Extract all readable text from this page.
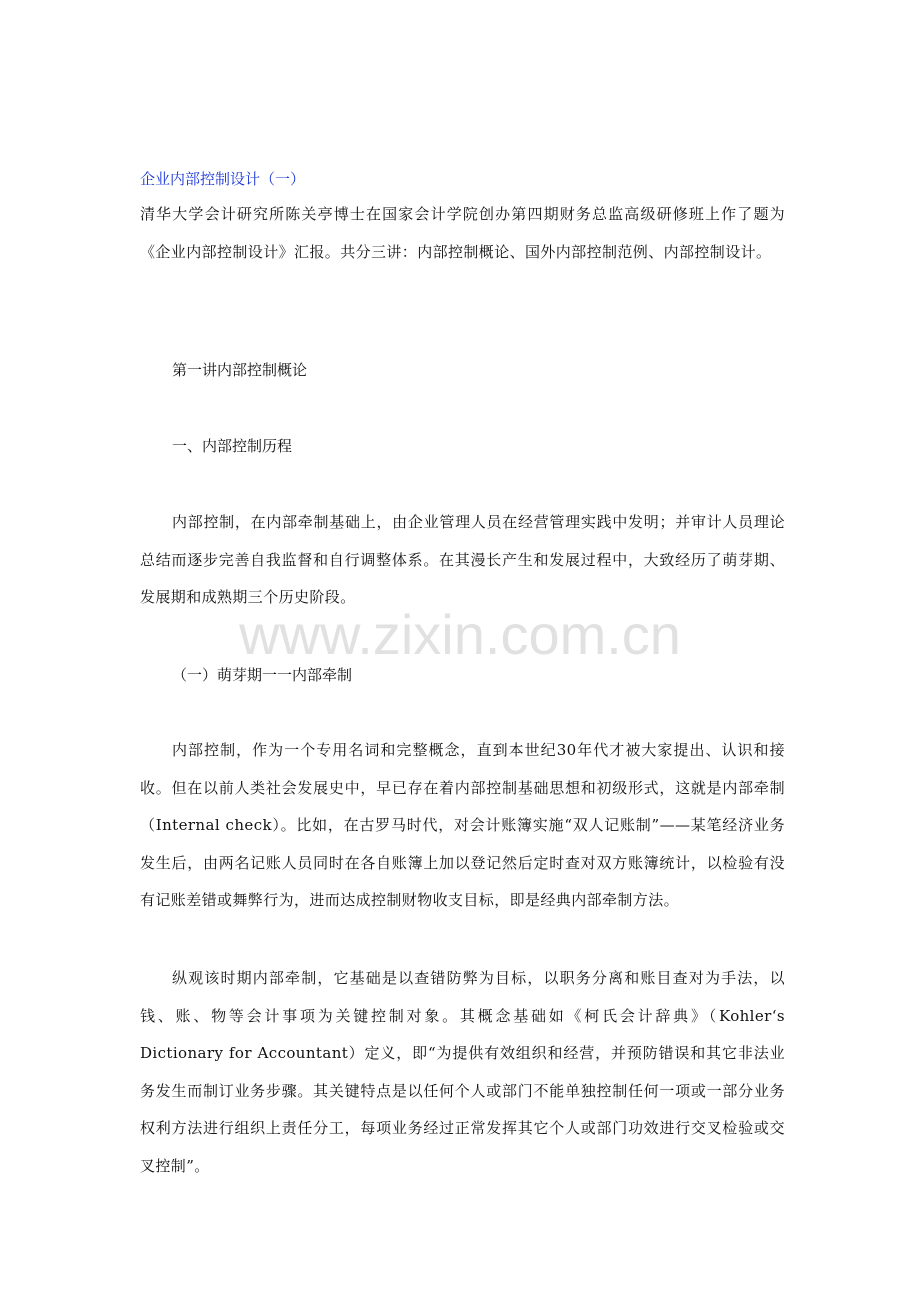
企业内部控制设计（一）
清华大学会计研究所陈关亭博士在国家会计学院创办第四期财务总监高级研修班上作了题为《企业内部控制设计》汇报。共分三讲：内部控制概论、国外内部控制范例、内部控制设计。
第一讲内部控制概论
一、内部控制历程
内部控制，在内部牵制基础上，由企业管理人员在经营管理实践中发明；并审计人员理论总结而逐步完善自我监督和自行调整体系。在其漫长产生和发展过程中，大致经历了萌芽期、发展期和成熟期三个历史阶段。
www.zixin.com.cn
（一）萌芽期一一内部牵制
内部控制，作为一个专用名词和完整概念，直到本世纪30年代才被大家提出、认识和接收。但在以前人类社会发展史中，早已存在着内部控制基础思想和初级形式，这就是内部牵制（Internal check）。比如，在古罗马时代，对会计账簿实施“双人记账制”——某笔经济业务发生后，由两名记账人员同时在各自账簿上加以登记然后定时查对双方账簿统计，以检验有没有记账差错或舞弊行为，进而达成控制财物收支目标，即是经典内部牵制方法。
纵观该时期内部牵制，它基础是以查错防弊为目标，以职务分离和账目查对为手法，以钱、账、物等会计事项为关键控制对象。其概念基础如《柯氏会计辞典》（Kohler‘s Dictionary for Accountant）定义，即“为提供有效组织和经营，并预防错误和其它非法业务发生而制订业务步骤。其关键特点是以任何个人或部门不能单独控制任何一项或一部分业务权利方法进行组织上责任分工，每项业务经过正常发挥其它个人或部门功效进行交叉检验或交叉控制”。
